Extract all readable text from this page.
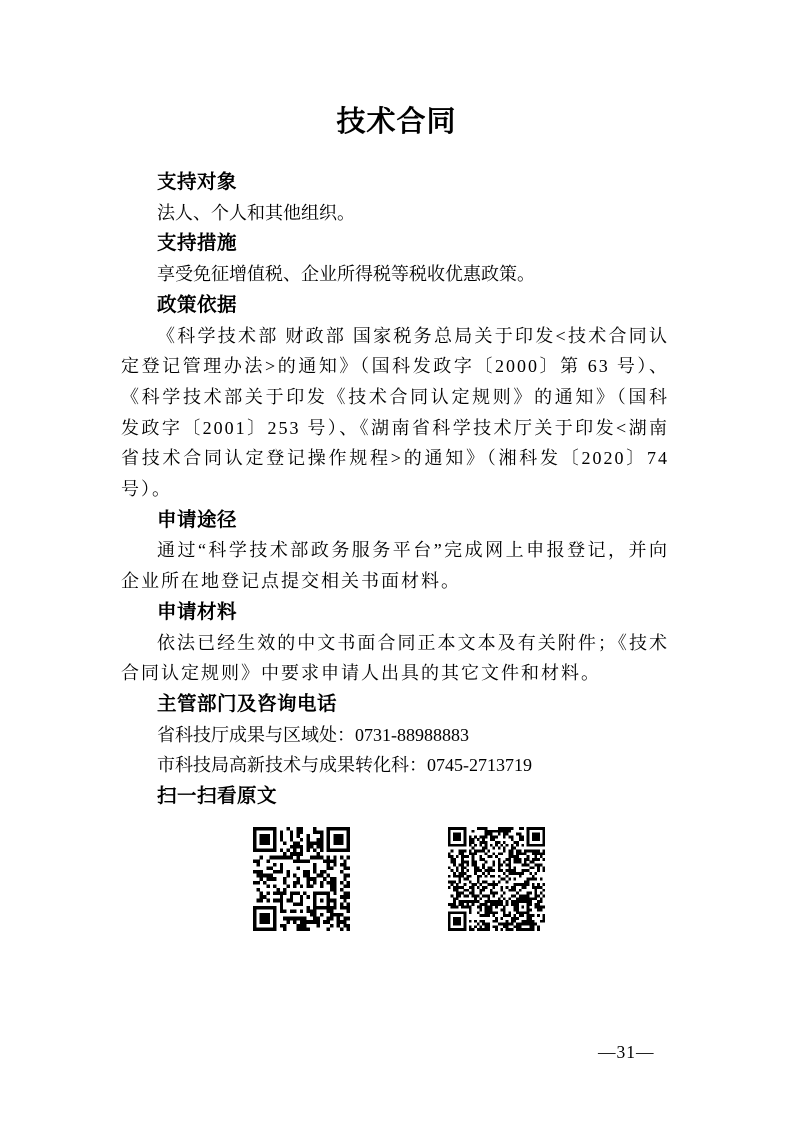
技术合同
支持对象

法人、个人和其他组织。

支持措施

享受免征增值税、企业所得税等税收优惠政策。

政策依据

《科学技术部 财政部 国家税务总局关于印发<技术合同认定登记管理办法>的通知》（国科发政字〔2000〕第 63 号）、《科学技术部关于印发《技术合同认定规则》的通知》（国科发政字〔2001〕253 号）、《湖南省科学技术厅关于印发<湖南省技术合同认定登记操作规程>的通知》（湘科发〔2020〕74 号）。

申请途径

通过“科学技术部政务服务平台”完成网上申报登记，并向企业所在地登记点提交相关书面材料。

申请材料

依法已经生效的中文书面合同正本文本及有关附件；《技术合同认定规则》中要求申请人出具的其它文件和材料。

主管部门及咨询电话

省科技厅成果与区域处：0731-88988883

市科技局高新技术与成果转化科：0745-2713719

扫一扫看原文
—31—
